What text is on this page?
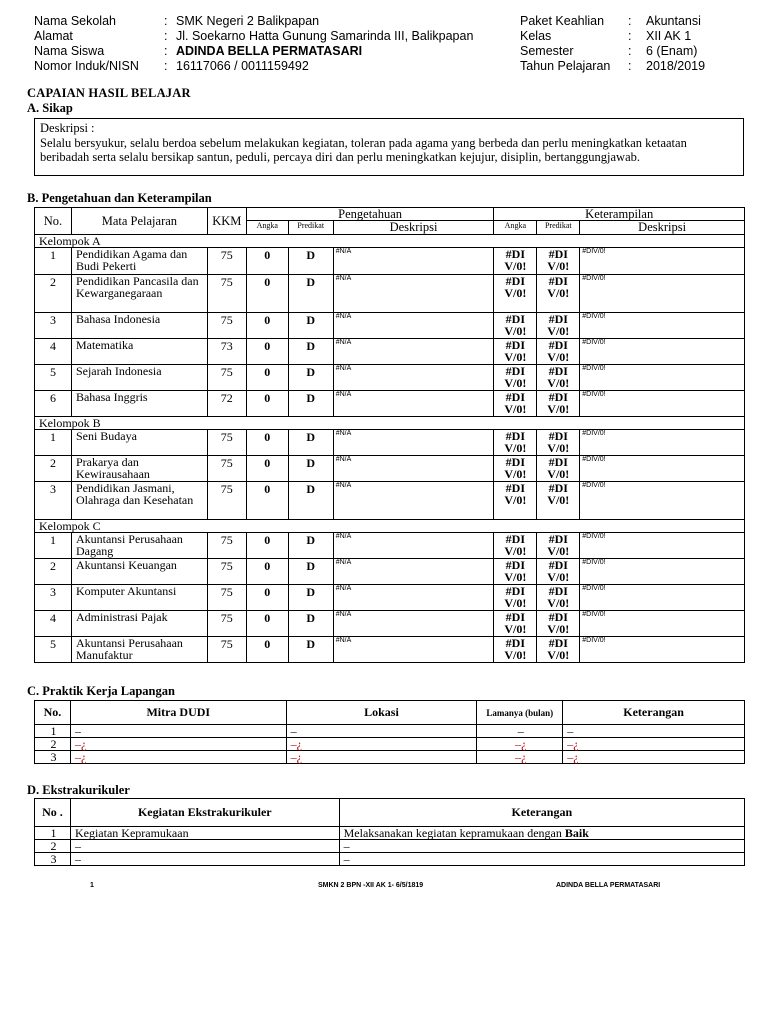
Nama Sekolah	: SMK Negeri 2 Balikpapan
Alamat	: Jl. Soekarno Hatta Gunung Samarinda III, Balikpapan
Nama Siswa	: ADINDA BELLA PERMATASARI
Nomor Induk/NISN	: 16117066 / 0011159492
Paket Keahlian	:	Akuntansi
Kelas	:	XII AK 1
Semester	:	6 (Enam)
Tahun Pelajaran	:	2018/2019
CAPAIAN HASIL BELAJAR
A. Sikap
Deskripsi :
Selalu bersyukur, selalu berdoa sebelum melakukan kegiatan, toleran pada agama yang berbeda dan perlu meningkatkan ketaatan beribadah serta selalu bersikap santun, peduli, percaya diri dan perlu meningkatkan kejujur, disiplin, bertanggungjawab.
B. Pengetahuan dan Keterampilan
No.	Mata Pelajaran	KKM	Pengetahuan			Keterampilan		
			Angka	Predikat	Deskripsi	Angka	Predikat	Deskripsi
Kelompok A								
1	Pendidikan Agama dan Budi Pekerti	75	0	D	#N/A	#DI V/0!	#DI V/0!	#DIV/0!
2	Pendidikan Pancasila dan Kewarganegaraan	75	0	D	#N/A	#DI V/0!	#DI V/0!	#DIV/0!
3	Bahasa Indonesia	75	0	D	#N/A	#DI V/0!	#DI V/0!	#DIV/0!
4	Matematika	73	0	D	#N/A	#DI V/0!	#DI V/0!	#DIV/0!
5	Sejarah Indonesia	75	0	D	#N/A	#DI V/0!	#DI V/0!	#DIV/0!
6	Bahasa Inggris	72	0	D	#N/A	#DI V/0!	#DI V/0!	#DIV/0!
Kelompok B								
1	Seni Budaya	75	0	D	#N/A	#DI V/0!	#DI V/0!	#DIV/0!
2	Prakarya dan Kewirausahaan	75	0	D	#N/A	#DI V/0!	#DI V/0!	#DIV/0!
3	Pendidikan Jasmani, Olahraga dan Kesehatan	75	0	D	#N/A	#DI V/0!	#DI V/0!	#DIV/0!
Kelompok C								
1	Akuntansi Perusahaan Dagang	75	0	D	#N/A	#DI V/0!	#DI V/0!	#DIV/0!
2	Akuntansi Keuangan	75	0	D	#N/A	#DI V/0!	#DI V/0!	#DIV/0!
3	Komputer Akuntansi	75	0	D	#N/A	#DI V/0!	#DI V/0!	#DIV/0!
4	Administrasi Pajak	75	0	D	#N/A	#DI V/0!	#DI V/0!	#DIV/0!
5	Akuntansi Perusahaan Manufaktur	75	0	D	#N/A	#DI V/0!	#DI V/0!	#DIV/0!
C. Praktik Kerja Lapangan
No.	Mitra DUDI	Lokasi	Lamanya (bulan)	Keterangan
1	–	–	–	–
2	–¿	–¿	–¿	–¿
3	–¿	–¿	–¿	–¿
D. Ekstrakurikuler
No .	Kegiatan Ekstrakurikuler	Keterangan
1	Kegiatan Kepramukaan	Melaksanakan kegiatan kepramukaan dengan Baik
2	–	–
3	–	–
1	SMKN 2 BPN -XII AK 1- 6/5/1819	ADINDA BELLA PERMATASARI
